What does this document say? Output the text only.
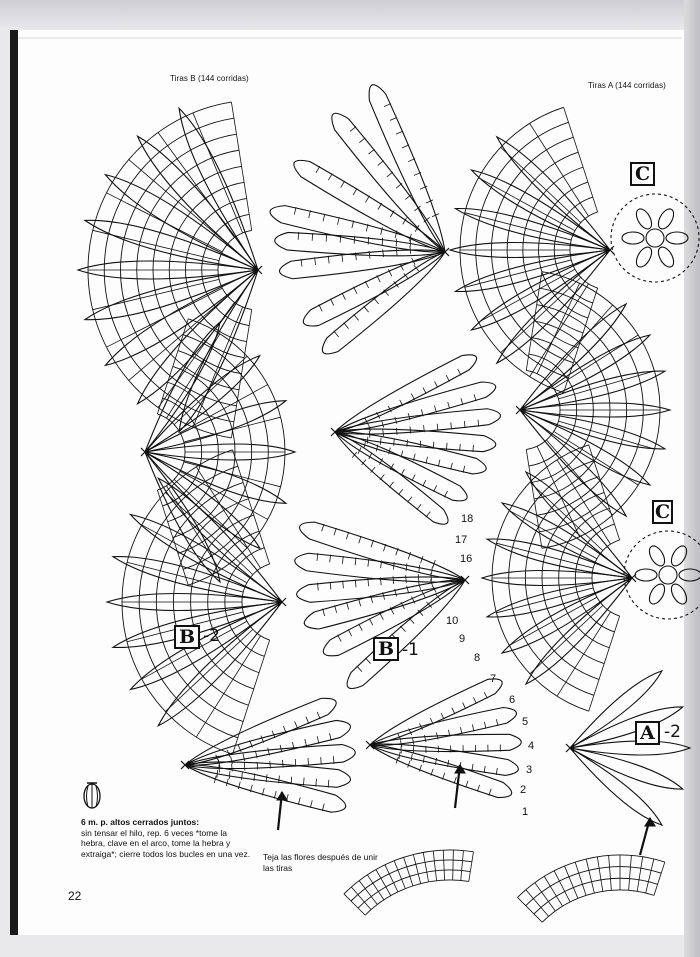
Tiras B (144 corridas)
Tiras A (144 corridas)
C
C
B -2
B -1
A -2
1
2
3
4
5
6
7
8
9
10
16
17
18
6 m. p. altos cerrados juntos:
sin tensar el hilo, rep. 6 veces *tome la hebra, clave en el arco, tome la hebra y extraiga*; cierre todos los bucles en una vez. Teja las flores después de unir las tiras
22
